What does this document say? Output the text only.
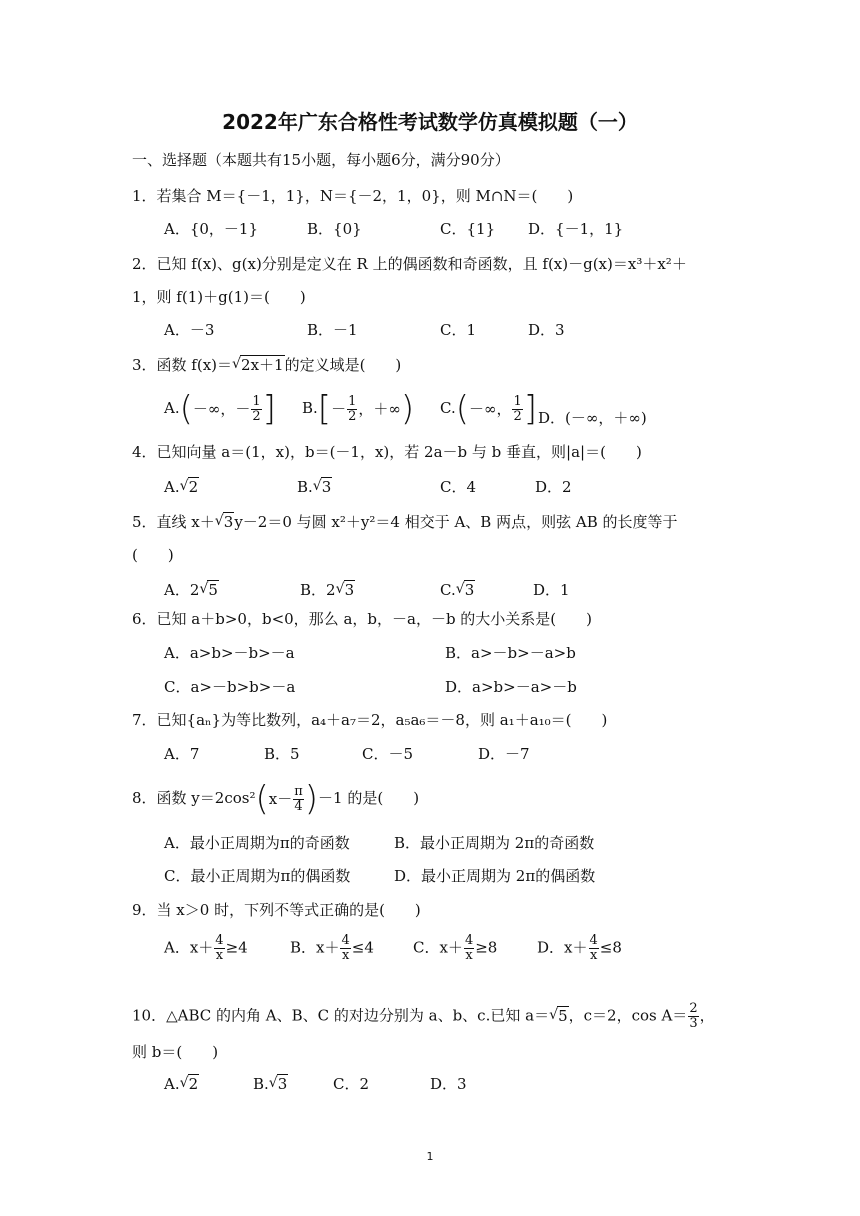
2022年广东合格性考试数学仿真模拟题（一）
一、选择题（本题共有15小题，每小题6分，满分90分）
1．若集合 M＝{－1，1}，N＝{－2，1，0}，则 M∩N＝(　　)
A．{0，－1}	B．{0}	C．{1} D．{－1，1}
2．已知 f(x)、g(x)分别是定义在 R 上的偶函数和奇函数，且 f(x)－g(x)＝x³＋x²＋
1，则 f(1)＋g(1)＝(　　)
A．－3	B．－1	C．1	D．3
3．函数 f(x)＝ √ 2x＋1的定义域是(　　)
A. ( －∞，－ $\frac{1}{2}$ ] B. [ － $\frac{1}{2}$ ，＋∞ ) C. ( －∞， $\frac{1}{2}$ ] D．(－∞，＋∞)
4．已知向量 a＝(1，x)，b＝(－1，x)，若 2a－b 与 b 垂直，则|a|＝(　　)
A. √ 2	B. √ 3	C．4	D．2
5．直线 x＋ √ 3y－2＝0 与圆 x²＋y²＝4 相交于 A、B 两点，则弦 AB 的长度等于
(　　)
A．2 √ 5	B．2 √ 3	C. √ 3	D．1
6．已知 a＋b>0，b<0，那么 a，b，－a，－b 的大小关系是(　　)
A．a>b>－b>－a	B．a>－b>－a>b
C．a>－b>b>－a	D．a>b>－a>－b
7．已知{aₙ}为等比数列，a₄＋a₇＝2，a₅a₆＝－8，则 a₁＋a₁₀＝(　　)
A．7	B．5	C．－5	D．－7
8．函数 y＝2cos² ( $x- \frac{\pi}{4}$ ) －1 的是(　　)
A．最小正周期为π的奇函数	B．最小正周期为 2π的奇函数
C．最小正周期为π的偶函数	D．最小正周期为 2π的偶函数
9．当 x＞0 时，下列不等式正确的是(　　)
A．$x+ \frac{4}{x} \ge 4$	B．$x+ \frac{4}{x} \le 4$	C．$x+ \frac{4}{x} \ge 8$	D．$x+ \frac{4}{x} \le 8$
10．△ABC 的内角 A、B、C 的对边分别为 a、b、c.已知 a＝ √ 5，c＝2，$\cos A= \frac{2}{3}$ ，
则 b＝(　　)
A. √ 2	B. √ 3	C．2	D．3
1
